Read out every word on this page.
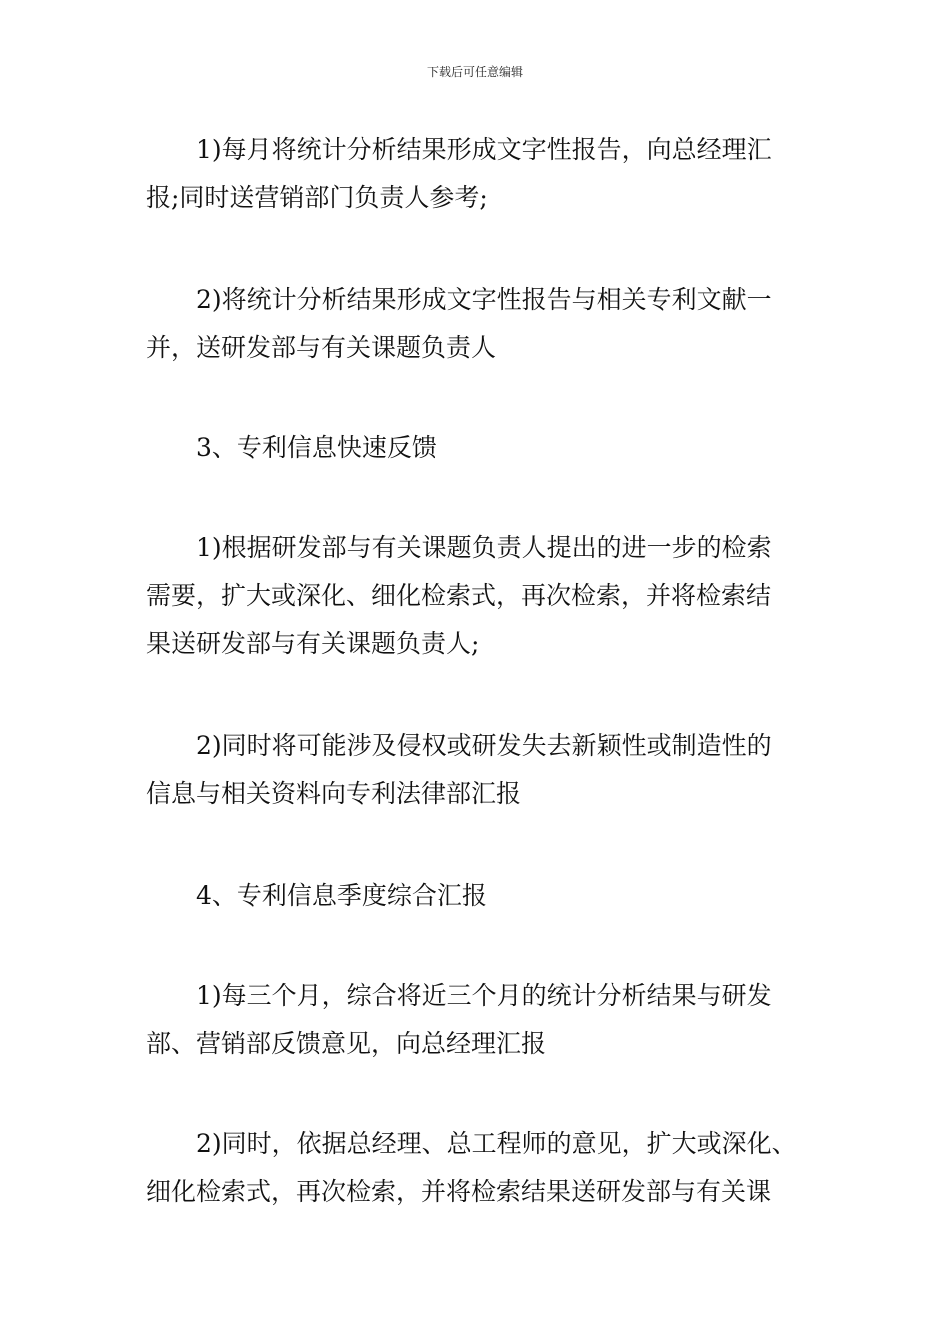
下载后可任意编辑
1)每月将统计分析结果形成文字性报告，向总经理汇
报;同时送营销部门负责人参考;
2)将统计分析结果形成文字性报告与相关专利文献一
并，送研发部与有关课题负责人
3、专利信息快速反馈
1)根据研发部与有关课题负责人提出的进一步的检索
需要，扩大或深化、细化检索式，再次检索，并将检索结
果送研发部与有关课题负责人;
2)同时将可能涉及侵权或研发失去新颖性或制造性的
信息与相关资料向专利法律部汇报
4、专利信息季度综合汇报
1)每三个月，综合将近三个月的统计分析结果与研发
部、营销部反馈意见，向总经理汇报
2)同时，依据总经理、总工程师的意见，扩大或深化、
细化检索式，再次检索，并将检索结果送研发部与有关课
